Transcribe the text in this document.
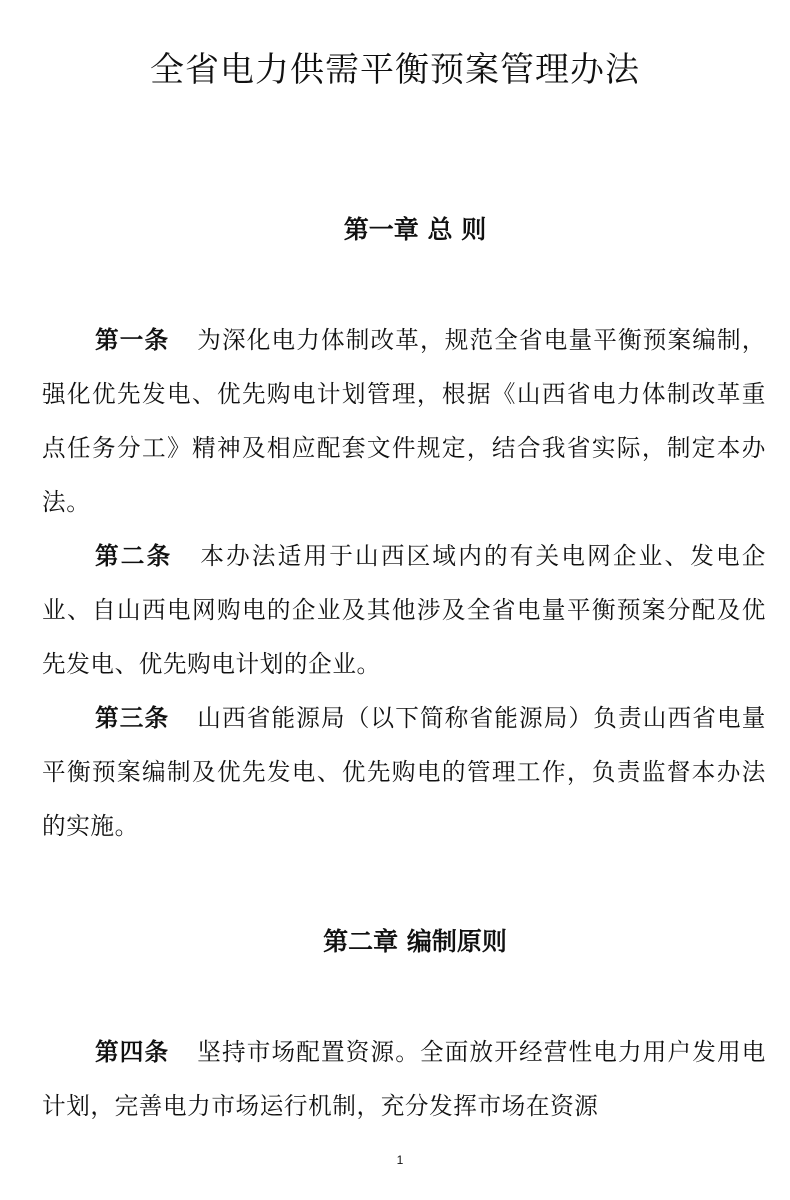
全省电力供需平衡预案管理办法
第一章 总 则

第一条 为深化电力体制改革，规范全省电量平衡预案编制，强化优先发电、优先购电计划管理，根据《山西省电力体制改革重点任务分工》精神及相应配套文件规定，结合我省实际，制定本办法。

第二条 本办法适用于山西区域内的有关电网企业、发电企业、自山西电网购电的企业及其他涉及全省电量平衡预案分配及优先发电、优先购电计划的企业。

第三条 山西省能源局（以下简称省能源局）负责山西省电量平衡预案编制及优先发电、优先购电的管理工作，负责监督本办法的实施。

第二章 编制原则

第四条 坚持市场配置资源。全面放开经营性电力用户发用电计划，完善电力市场运行机制，充分发挥市场在资源

1
